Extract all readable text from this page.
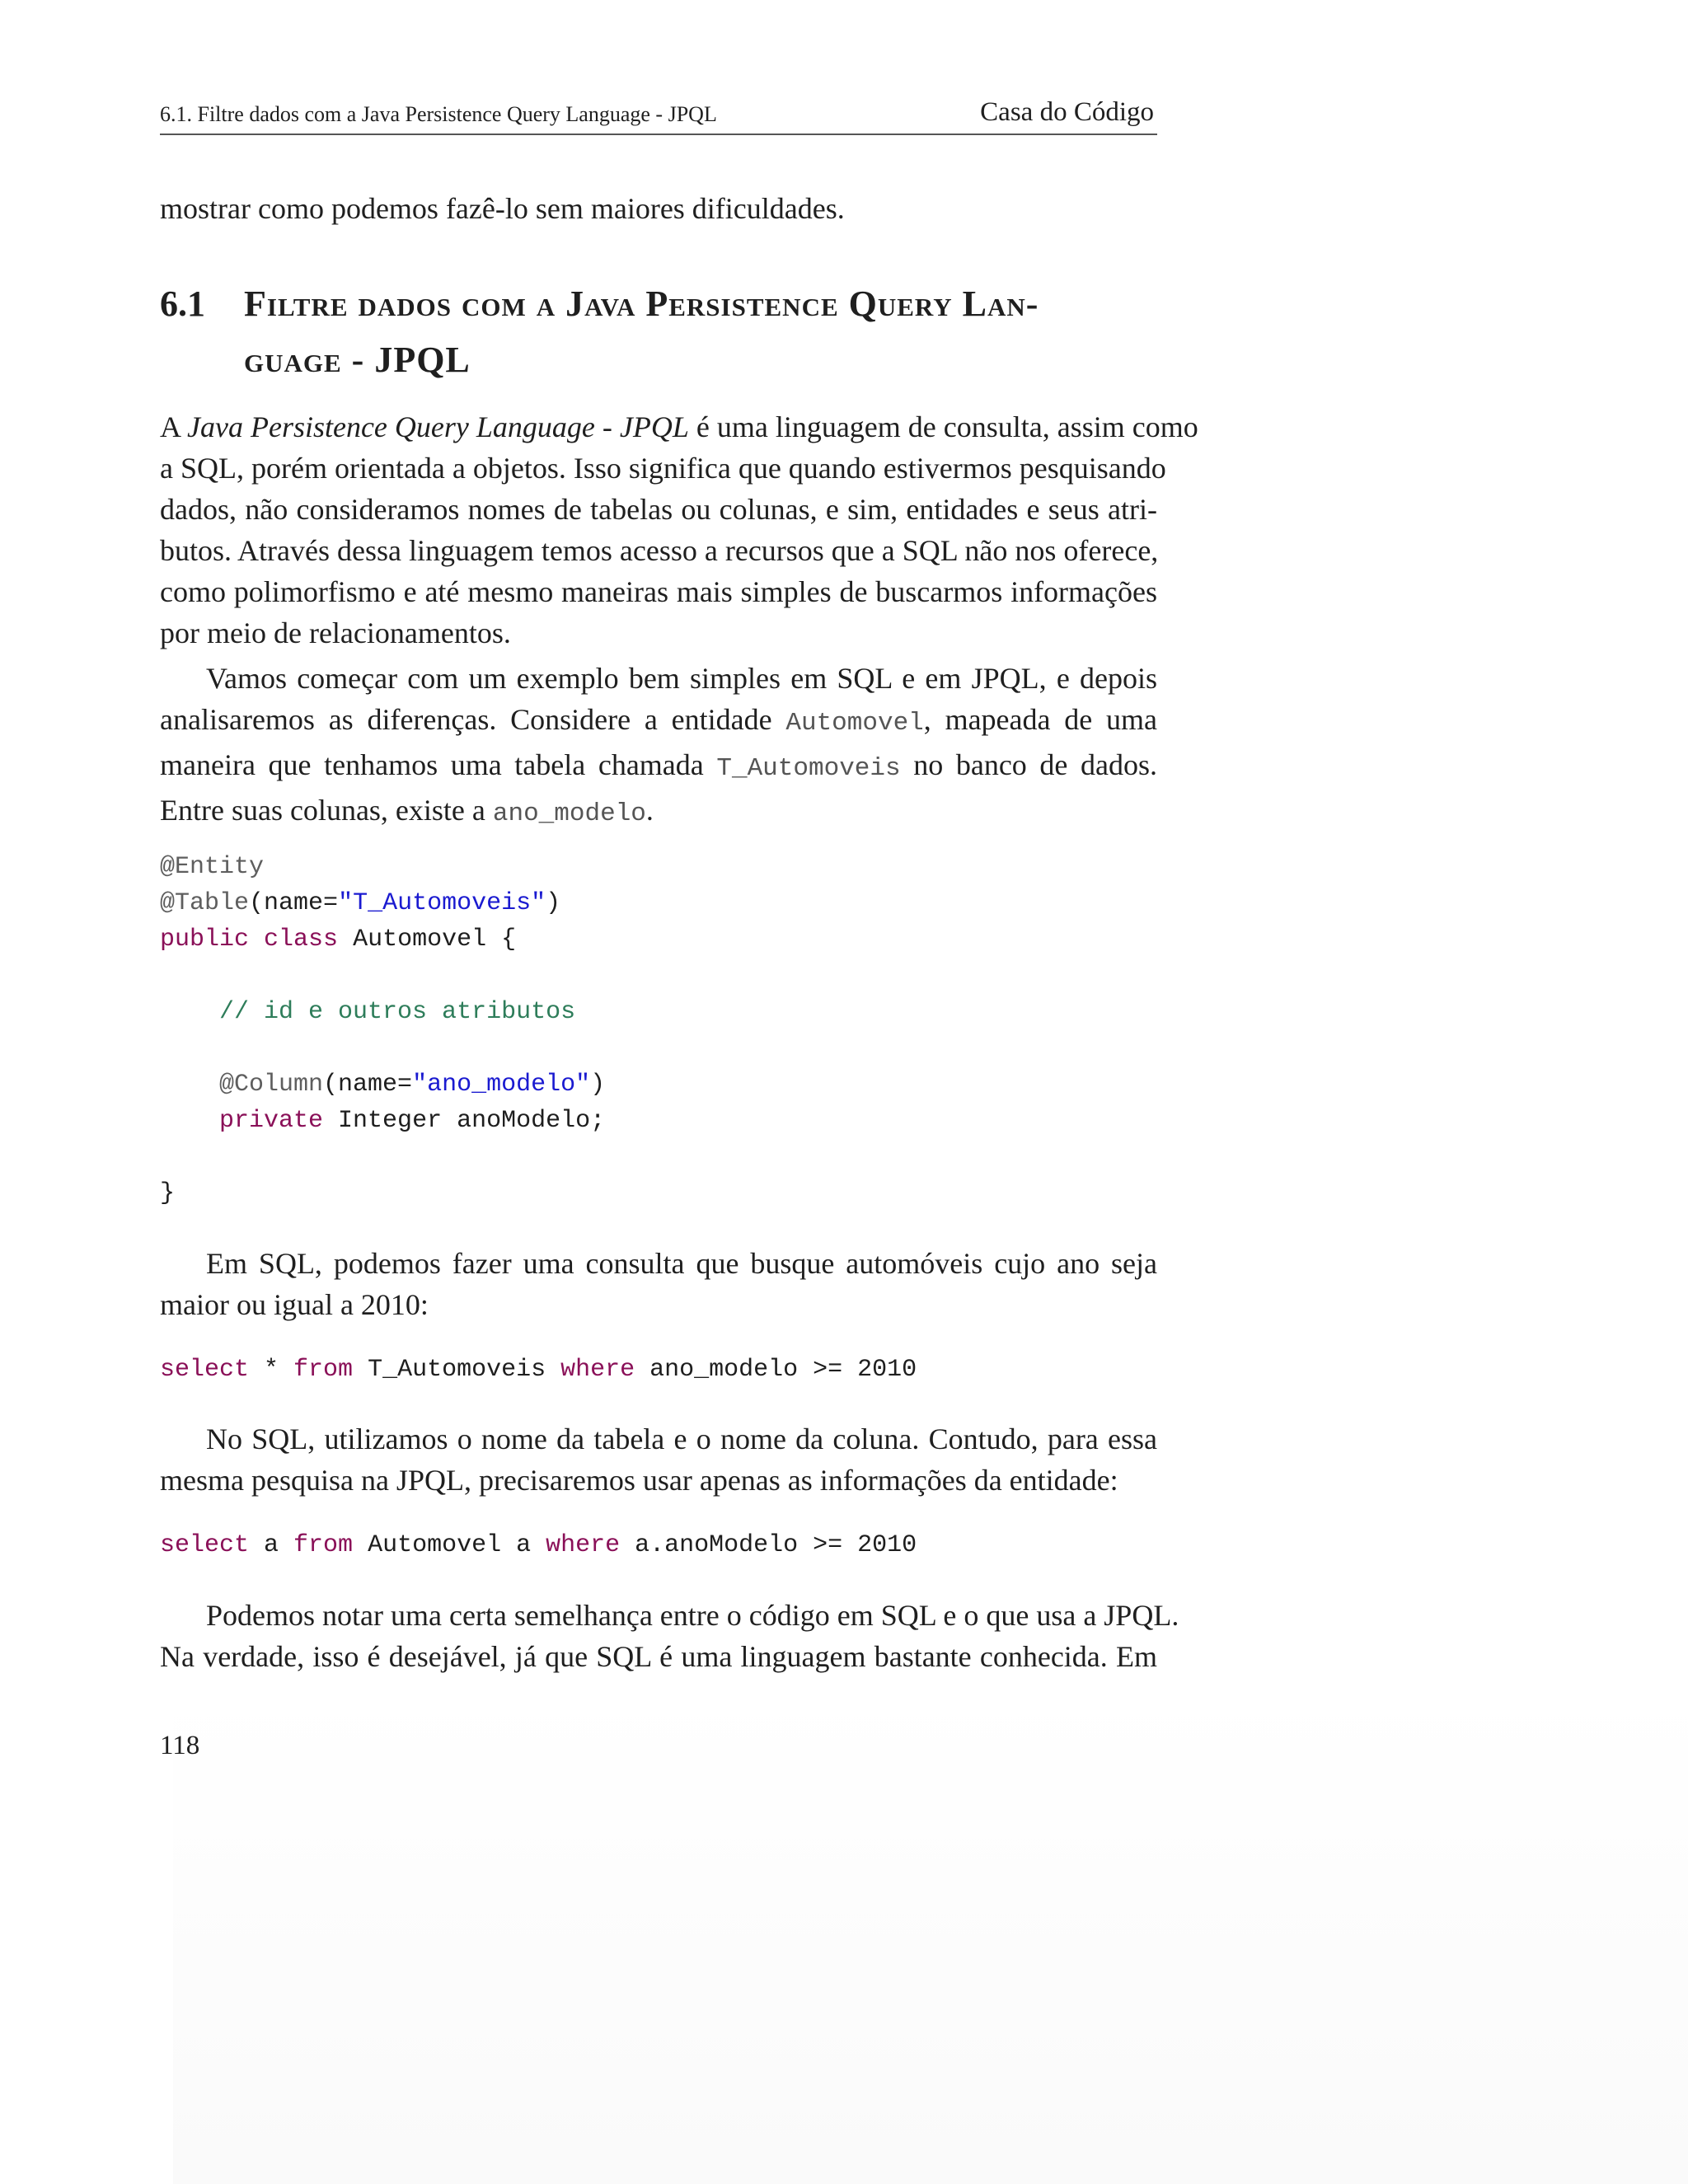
6.1. Filtre dados com a Java Persistence Query Language - JPQL	Casa do Código

mostrar como podemos fazê-lo sem maiores dificuldades.

6.1 Filtre dados com a Java Persistence Query Lan-
guage - JPQL
A Java Persistence Query Language - JPQL é uma linguagem de consulta, assim como
a SQL, porém orientada a objetos. Isso significa que quando estivermos pesquisando
dados, não consideramos nomes de tabelas ou colunas, e sim, entidades e seus atri-
butos. Através dessa linguagem temos acesso a recursos que a SQL não nos oferece,
como polimorfismo e até mesmo maneiras mais simples de buscarmos informações
por meio de relacionamentos.
Vamos começar com um exemplo bem simples em SQL e em JPQL, e depois
analisaremos as diferenças. Considere a entidade Automovel, mapeada de uma
maneira que tenhamos uma tabela chamada T_Automoveis no banco de dados.
Entre suas colunas, existe a ano_modelo.
@Entity
@Table(name="T_Automoveis")
public class Automovel {

// id e outros atributos

@Column(name="ano_modelo")
private Integer anoModelo;

}
Em SQL, podemos fazer uma consulta que busque automóveis cujo ano seja
maior ou igual a 2010:
select * from T_Automoveis where ano_modelo >= 2010
No SQL, utilizamos o nome da tabela e o nome da coluna. Contudo, para essa
mesma pesquisa na JPQL, precisaremos usar apenas as informações da entidade:
select a from Automovel a where a.anoModelo >= 2010
Podemos notar uma certa semelhança entre o código em SQL e o que usa a JPQL.
Na verdade, isso é desejável, já que SQL é uma linguagem bastante conhecida. Em
118
